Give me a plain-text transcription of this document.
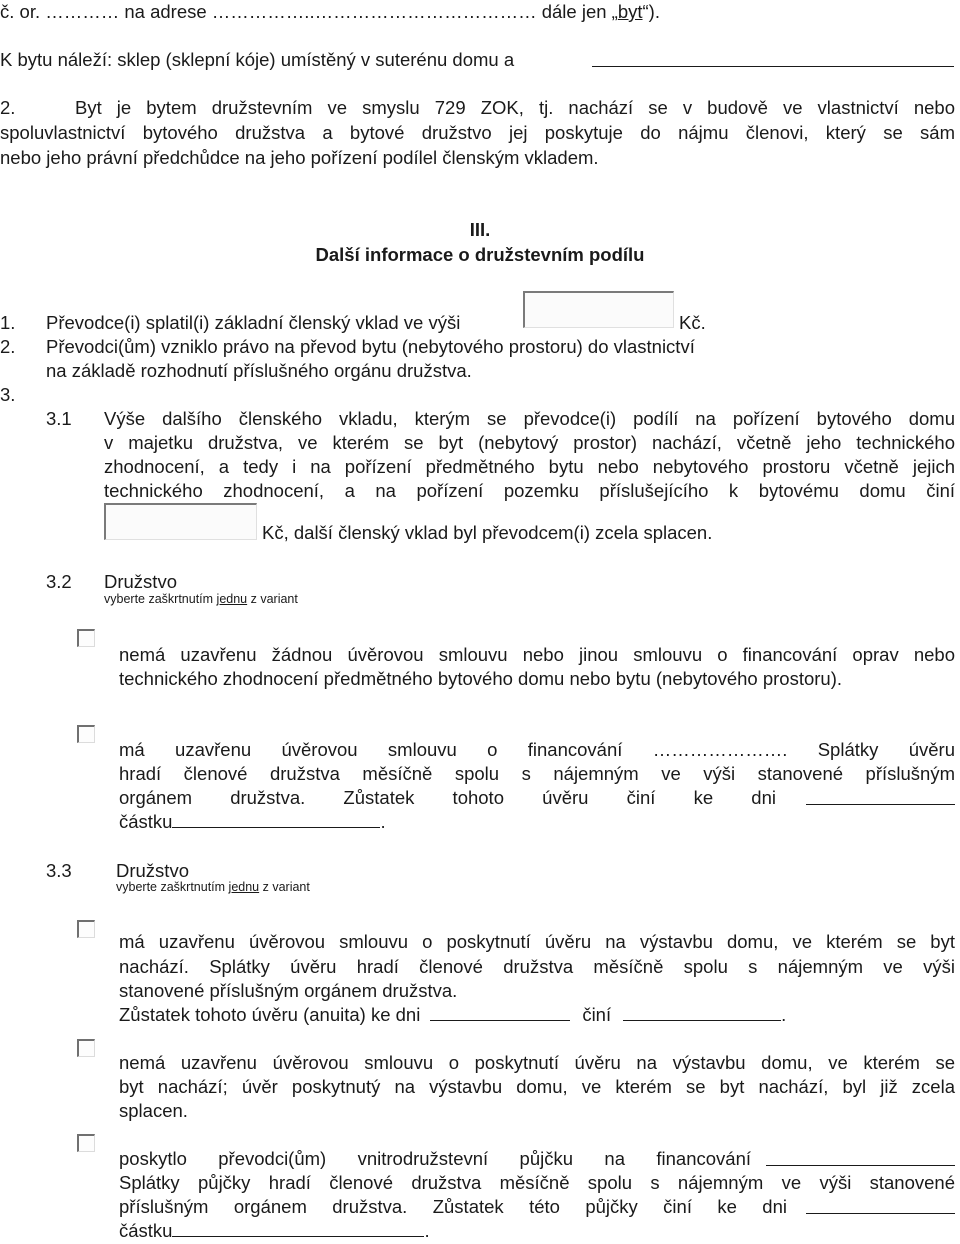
č. or. ………… na adrese ……………..……………………………… dále jen „byt“).
K bytu náleží: sklep (sklepní kóje) umístěný v suterénu domu a
2.	Byt je bytem družstevním ve smyslu 729 ZOK, tj. nachází se v budově ve vlastnictví nebo
spoluvlastnictví bytového družstva a bytové družstvo jej poskytuje do nájmu členovi, který se sám
nebo jeho právní předchůdce na jeho pořízení podílel členským vkladem.
III.
Další informace o družstevním podílu
1. Převodce(i) splatil(i) základní členský vklad ve výši	Kč.
2. Převodci(ům) vzniklo právo na převod bytu (nebytového prostoru) do vlastnictví
na základě rozhodnutí příslušného orgánu družstva.
3.
3.1 Výše dalšího členského vkladu, kterým se převodce(i) podílí na pořízení bytového domu
v majetku družstva, ve kterém se byt (nebytový prostor) nachází, včetně jeho technického
zhodnocení, a tedy i na pořízení předmětného bytu nebo nebytového prostoru včetně jejich
technického zhodnocení, a na pořízení pozemku příslušejícího k bytovému domu činí
Kč, další členský vklad byl převodcem(i) zcela splacen.
3.2 Družstvo
vyberte zaškrtnutím jednu z variant
nemá uzavřenu žádnou úvěrovou smlouvu nebo jinou smlouvu o financování oprav nebo
technického zhodnocení předmětného bytového domu nebo bytu (nebytového prostoru).
má uzavřenu úvěrovou smlouvu o financování …………………. Splátky úvěru
hradí členové družstva měsíčně spolu s nájemným ve výši stanovené příslušným
orgánem družstva. Zůstatek tohoto úvěru činí ke dni
částku	.
3.3 Družstvo
vyberte zaškrtnutím jednu z variant
má uzavřenu úvěrovou smlouvu o poskytnutí úvěru na výstavbu domu, ve kterém se byt
nachází. Splátky úvěru hradí členové družstva měsíčně spolu s nájemným ve výši
stanovené příslušným orgánem družstva.
Zůstatek tohoto úvěru (anuita) ke dni	činí	.
nemá uzavřenu úvěrovou smlouvu o poskytnutí úvěru na výstavbu domu, ve kterém se
byt nachází; úvěr poskytnutý na výstavbu domu, ve kterém se byt nachází, byl již zcela
splacen.
poskytlo převodci(ům) vnitrodružstevní půjčku na financování
Splátky půjčky hradí členové družstva měsíčně spolu s nájemným ve výši stanovené
příslušným orgánem družstva. Zůstatek této půjčky činí ke dni
částku	.
